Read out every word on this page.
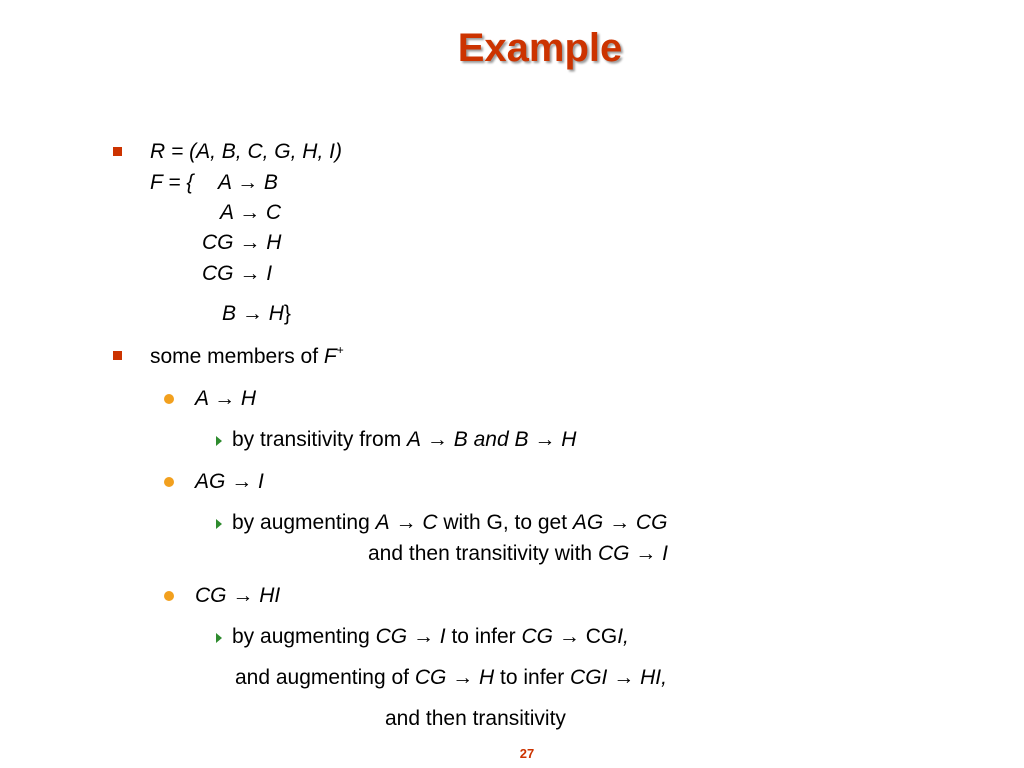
Example
R = (A, B, C, G, H, I)
F = { A → B
A → C
CG → H
CG → I
B → H}
some members of F+
A → H
by transitivity from A → B and B → H
AG → I
by augmenting A → C with G, to get AG → CG
and then transitivity with CG → I
CG → HI
by augmenting CG → I to infer CG → CGI,
and augmenting of CG → H to infer CGI → HI,
and then transitivity
27
